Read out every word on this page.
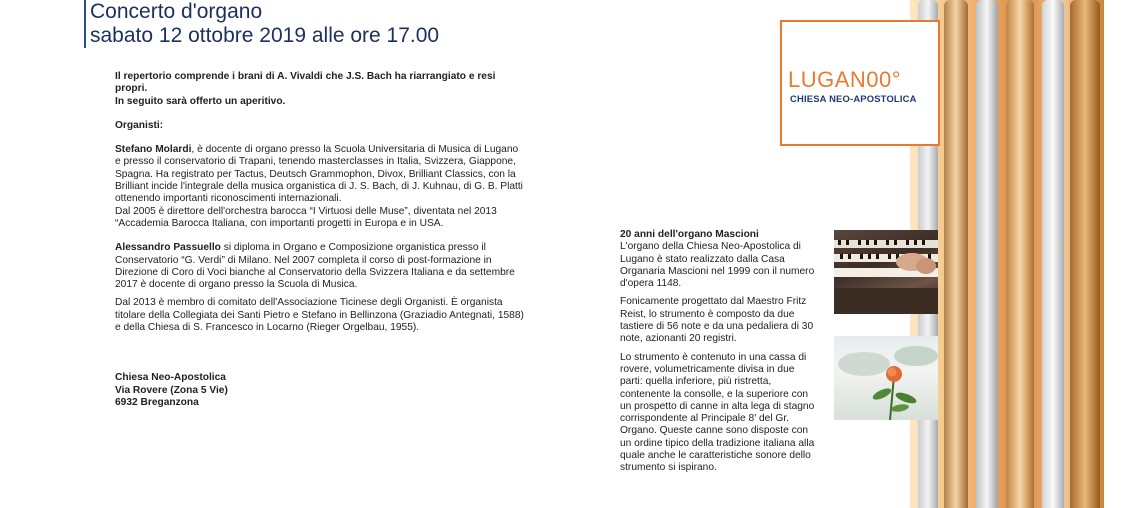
Concerto d'organo
sabato 12 ottobre 2019 alle ore 17.00

Il repertorio comprende i brani di A. Vivaldi che J.S. Bach ha riarrangiato e resi propri.

In seguito sarà offerto un aperitivo.

Organisti:

Stefano Molardi, è docente di organo presso la Scuola Universitaria di Musica di Lugano e presso il conservatorio di Trapani, tenendo masterclasses in Italia, Svizzera, Giappone, Spagna. Ha registrato per Tactus, Deutsch Grammophon, Divox, Brilliant Classics, con la Brilliant incide l'integrale della musica organistica di J. S. Bach, di J. Kuhnau, di G. B. Platti ottenendo importanti riconoscimenti internazionali.

Dal 2005 è direttore dell'orchestra barocca “I Virtuosi delle Muse”, diventata nel 2013 “Accademia Barocca Italiana, con importanti progetti in Europa e in USA.

Alessandro Passuello si diploma in Organo e Composizione organistica presso il Conservatorio “G. Verdi” di Milano. Nel 2007 completa il corso di post-formazione in Direzione di Coro di Voci bianche al Conservatorio della Svizzera Italiana e da settembre 2017 è docente di organo presso la Scuola di Musica.

Dal 2013 è membro di comitato dell'Associazione Ticinese degli Organisti. È organista titolare della Collegiata dei Santi Pietro e Stefano in Bellinzona (Graziadio Antegnati, 1588) e della Chiesa di S. Francesco in Locarno (Rieger Orgelbau, 1955).

Chiesa Neo-Apostolica

Via Rovere (Zona 5 Vie)

6932 Breganzona

20 anni dell'organo Mascioni

L'organo della Chiesa Neo-Apostolica di Lugano è stato realizzato dalla Casa Organaria Mascioni nel 1999 con il numero d'opera 1148.

Fonicamente progettato dal Maestro Fritz Reist, lo strumento è composto da due tastiere di 56 note e da una pedaliera di 30 note, azionanti 20 registri.

Lo strumento è contenuto in una cassa di rovere, volumetricamente divisa in due parti: quella inferiore, più ristretta, contenente la consolle, e la superiore con un prospetto di canne in alta lega di stagno corrispondente al Principale 8' del Gr. Organo. Queste canne sono disposte con un ordine tipico della tradizione italiana alla quale anche le caratteristiche sonore dello strumento si ispirano.

LUGAN00°
CHIESA NEO-APOSTOLICA
